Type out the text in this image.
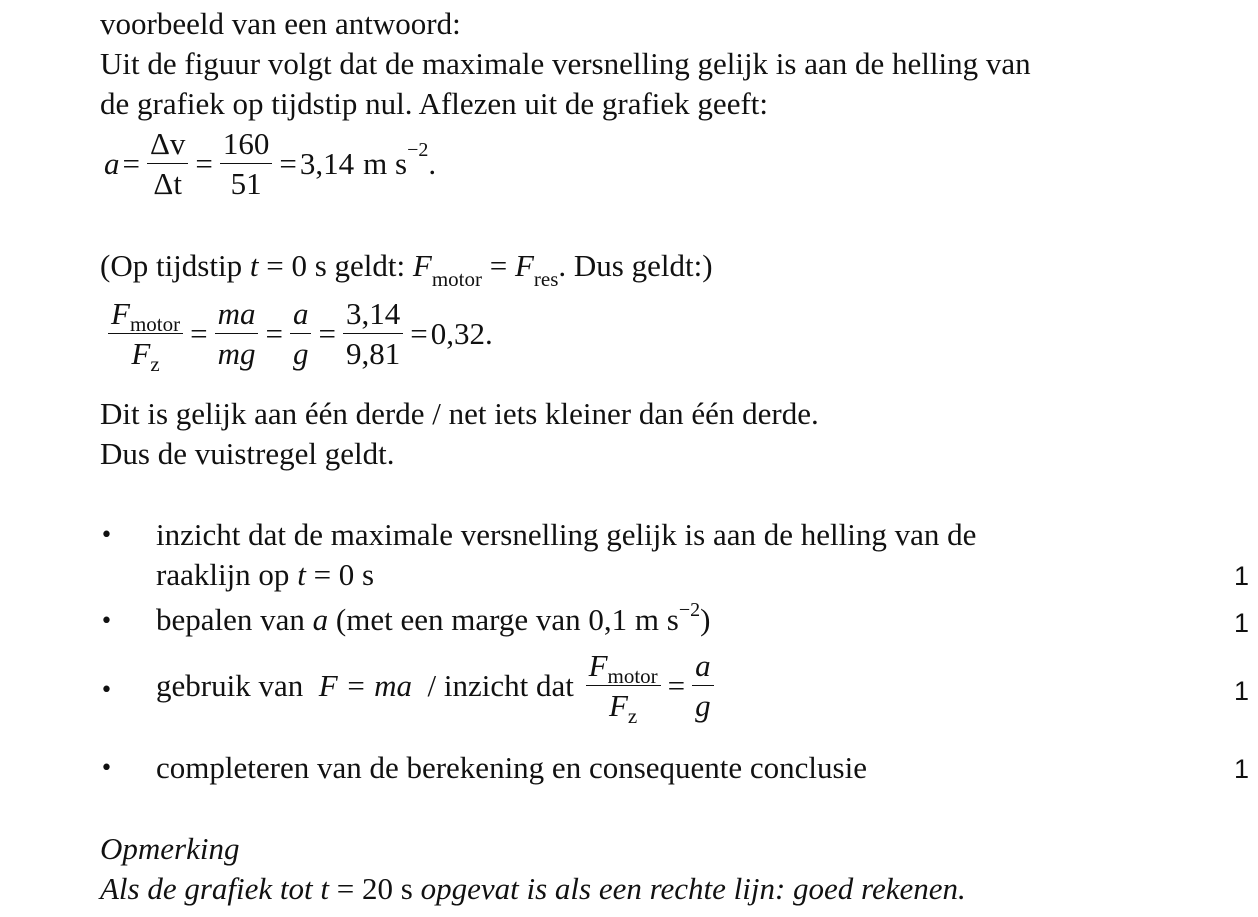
voorbeeld van een antwoord:
Uit de figuur volgt dat de maximale versnelling gelijk is aan de helling van
de grafiek op tijdstip nul. Aflezen uit de grafiek geeft:
$a = \frac{\Delta v}{\Delta t} = \frac{160}{51} = 3,14$ m s −2 .
(Op tijdstip t = 0 s geldt: $F_{motor} = F_{res}$. Dus geldt:)
$\frac{F_{motor}}{F_z} = \frac{ma}{mg} = \frac{a}{g} = \frac{3,14}{9,81} = 0,32$.
Dit is gelijk aan één derde / net iets kleiner dan één derde.
Dus de vuistregel geldt.
• inzicht dat de maximale versnelling gelijk is aan de helling van de
raaklijn op t = 0 s	1
• bepalen van a (met een marge van 0,1 m $s^{-2}$)	1
• gebruik van F = ma / inzicht dat $\frac{F_{motor}}{F_z} = \frac{a}{g}$	1
• completeren van de berekening en consequente conclusie	1
Opmerking
Als de grafiek tot t = 20 s opgevat is als een rechte lijn: goed rekenen.
